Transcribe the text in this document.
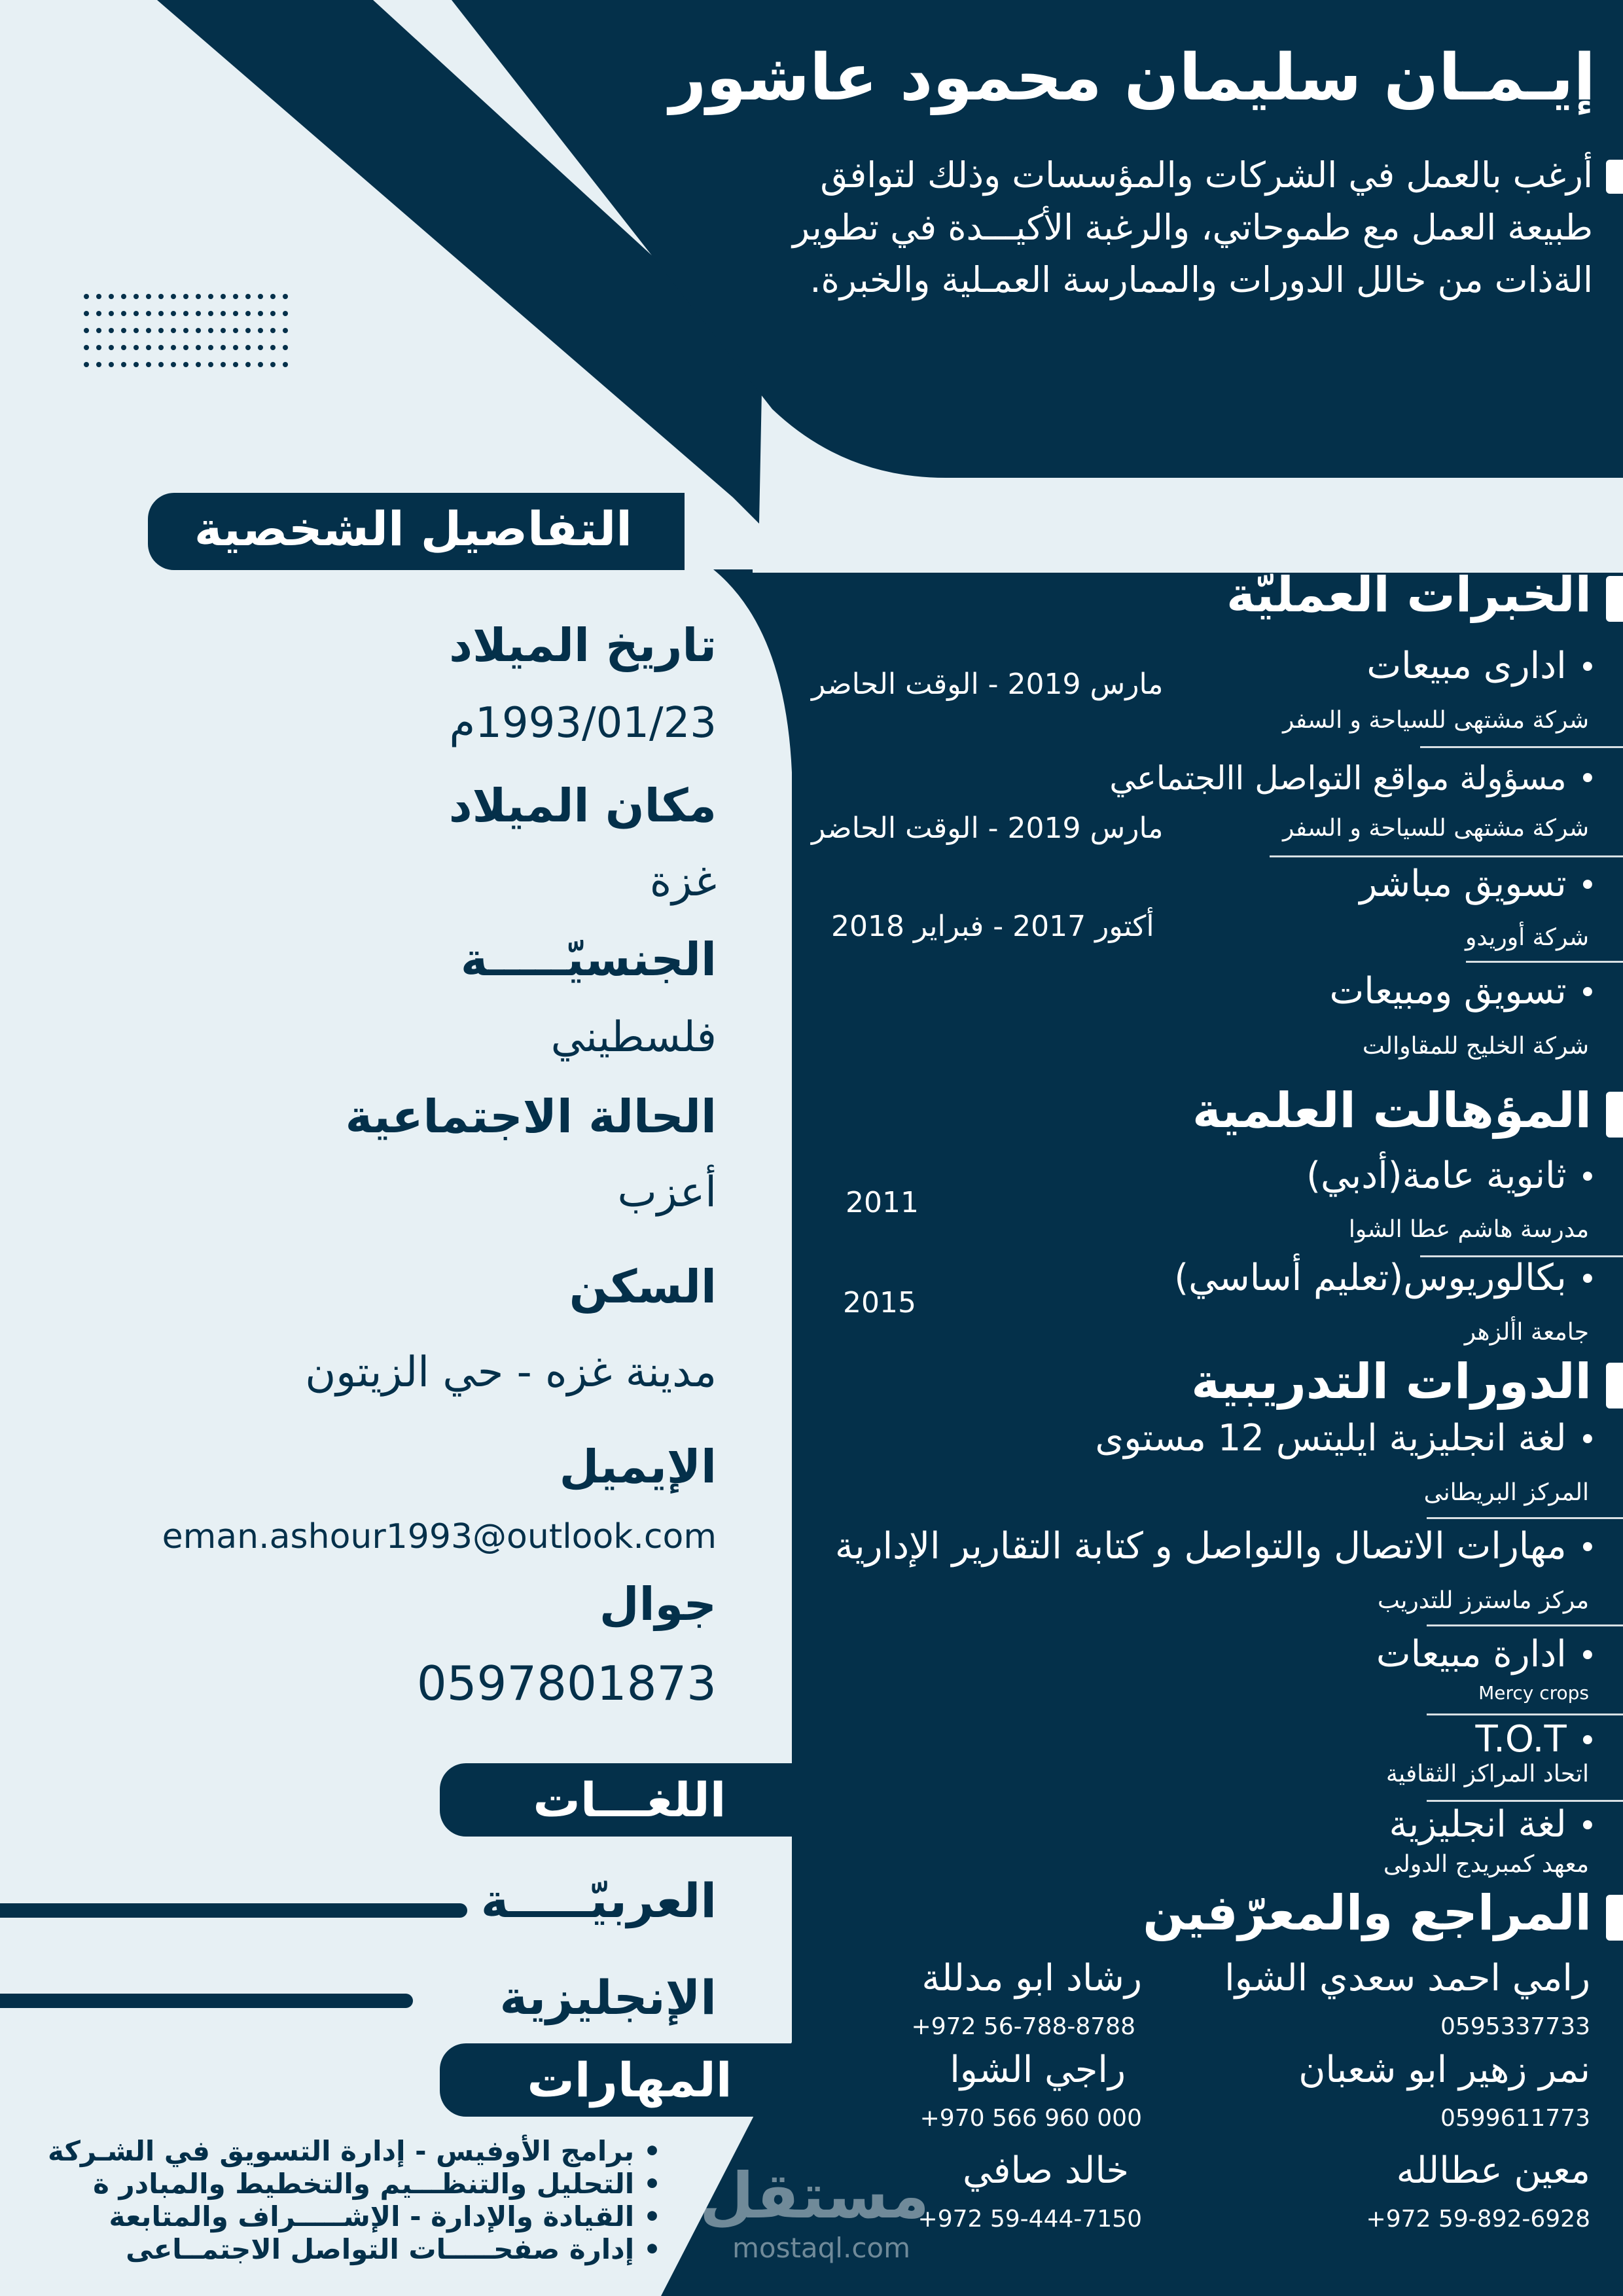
إيـمـان سليمان محمود عاشور
أرغب بالعمل في الشركات والمؤسسات وذلك لتوافق طبيعة العمل مع طموحاتي، والرغبة الأكيـــدة في تطوير الةذات من خالل الدورات والممارسة العمـلية والخبرة.
التفاصيل الشخصية
تاريخ الميلاد
1993/01/23م
مكان الميلاد
غزة
الجنسيّـــــة
فلسطيني
الحالة الاجتماعية
أعزب
السكن
مدينة غزه - حي الزيتون
الإيميل
eman.ashour1993@outlook.com
جوال
0597801873
اللغـــات
العربيّـــــة
الإنجليزية
المهارات
• برامج الأوفيس - إدارة التسويق في الشـركة
• التحليل والتنظـــيم والتخطيط والمبادر ة
• القيادة والإدارة - الإشـــــراف والمتابعة
• إدارة صفحـــــات التواصل الاجتمــاعى
الخبرات العمليّة
• ادارى مبيعات
شركة مشتهى للسياحة و السفر
مارس 2019 - الوقت الحاضر
• مسؤولة مواقع التواصل االجتماعي
شركة مشتهى للسياحة و السفر
مارس 2019 - الوقت الحاضر
• تسويق مباشر
شركة أوريدو
أكتور 2017 - فبراير 2018
• تسويق ومبيعات
شركة الخليج للمقاوالت
المؤهالت العلمية
• ثانوية عامة(أدبي)
مدرسة هاشم عطا الشوا
2011
• بكالوريوس(تعليم أساسي)
جامعة األزهر
2015
الدورات التدريبية
• لغة انجليزية ايليتس 12 مستوى
المركز البريطانى
• مهارات الاتصال والتواصل و كتابة التقارير الإدارية
مركز ماسترز للتدريب
• ادارة مبيعات
Mercy crops
• T.O.T
اتحاد المراكز الثقافية
• لغة انجليزية
معهد كمبريدج الدولى
المراجع والمعرّفين
رامي احمد سعدي الشوا
0595337733
رشاد ابو مدللة
+972 56-788-8788
نمر زهير ابو شعبان
0599611773
راجي الشوا
+970 566 960 000
معين عطالله
+972 59-892-6928
خالد صافي
+972 59-444-7150
مستقل
mostaql.com
